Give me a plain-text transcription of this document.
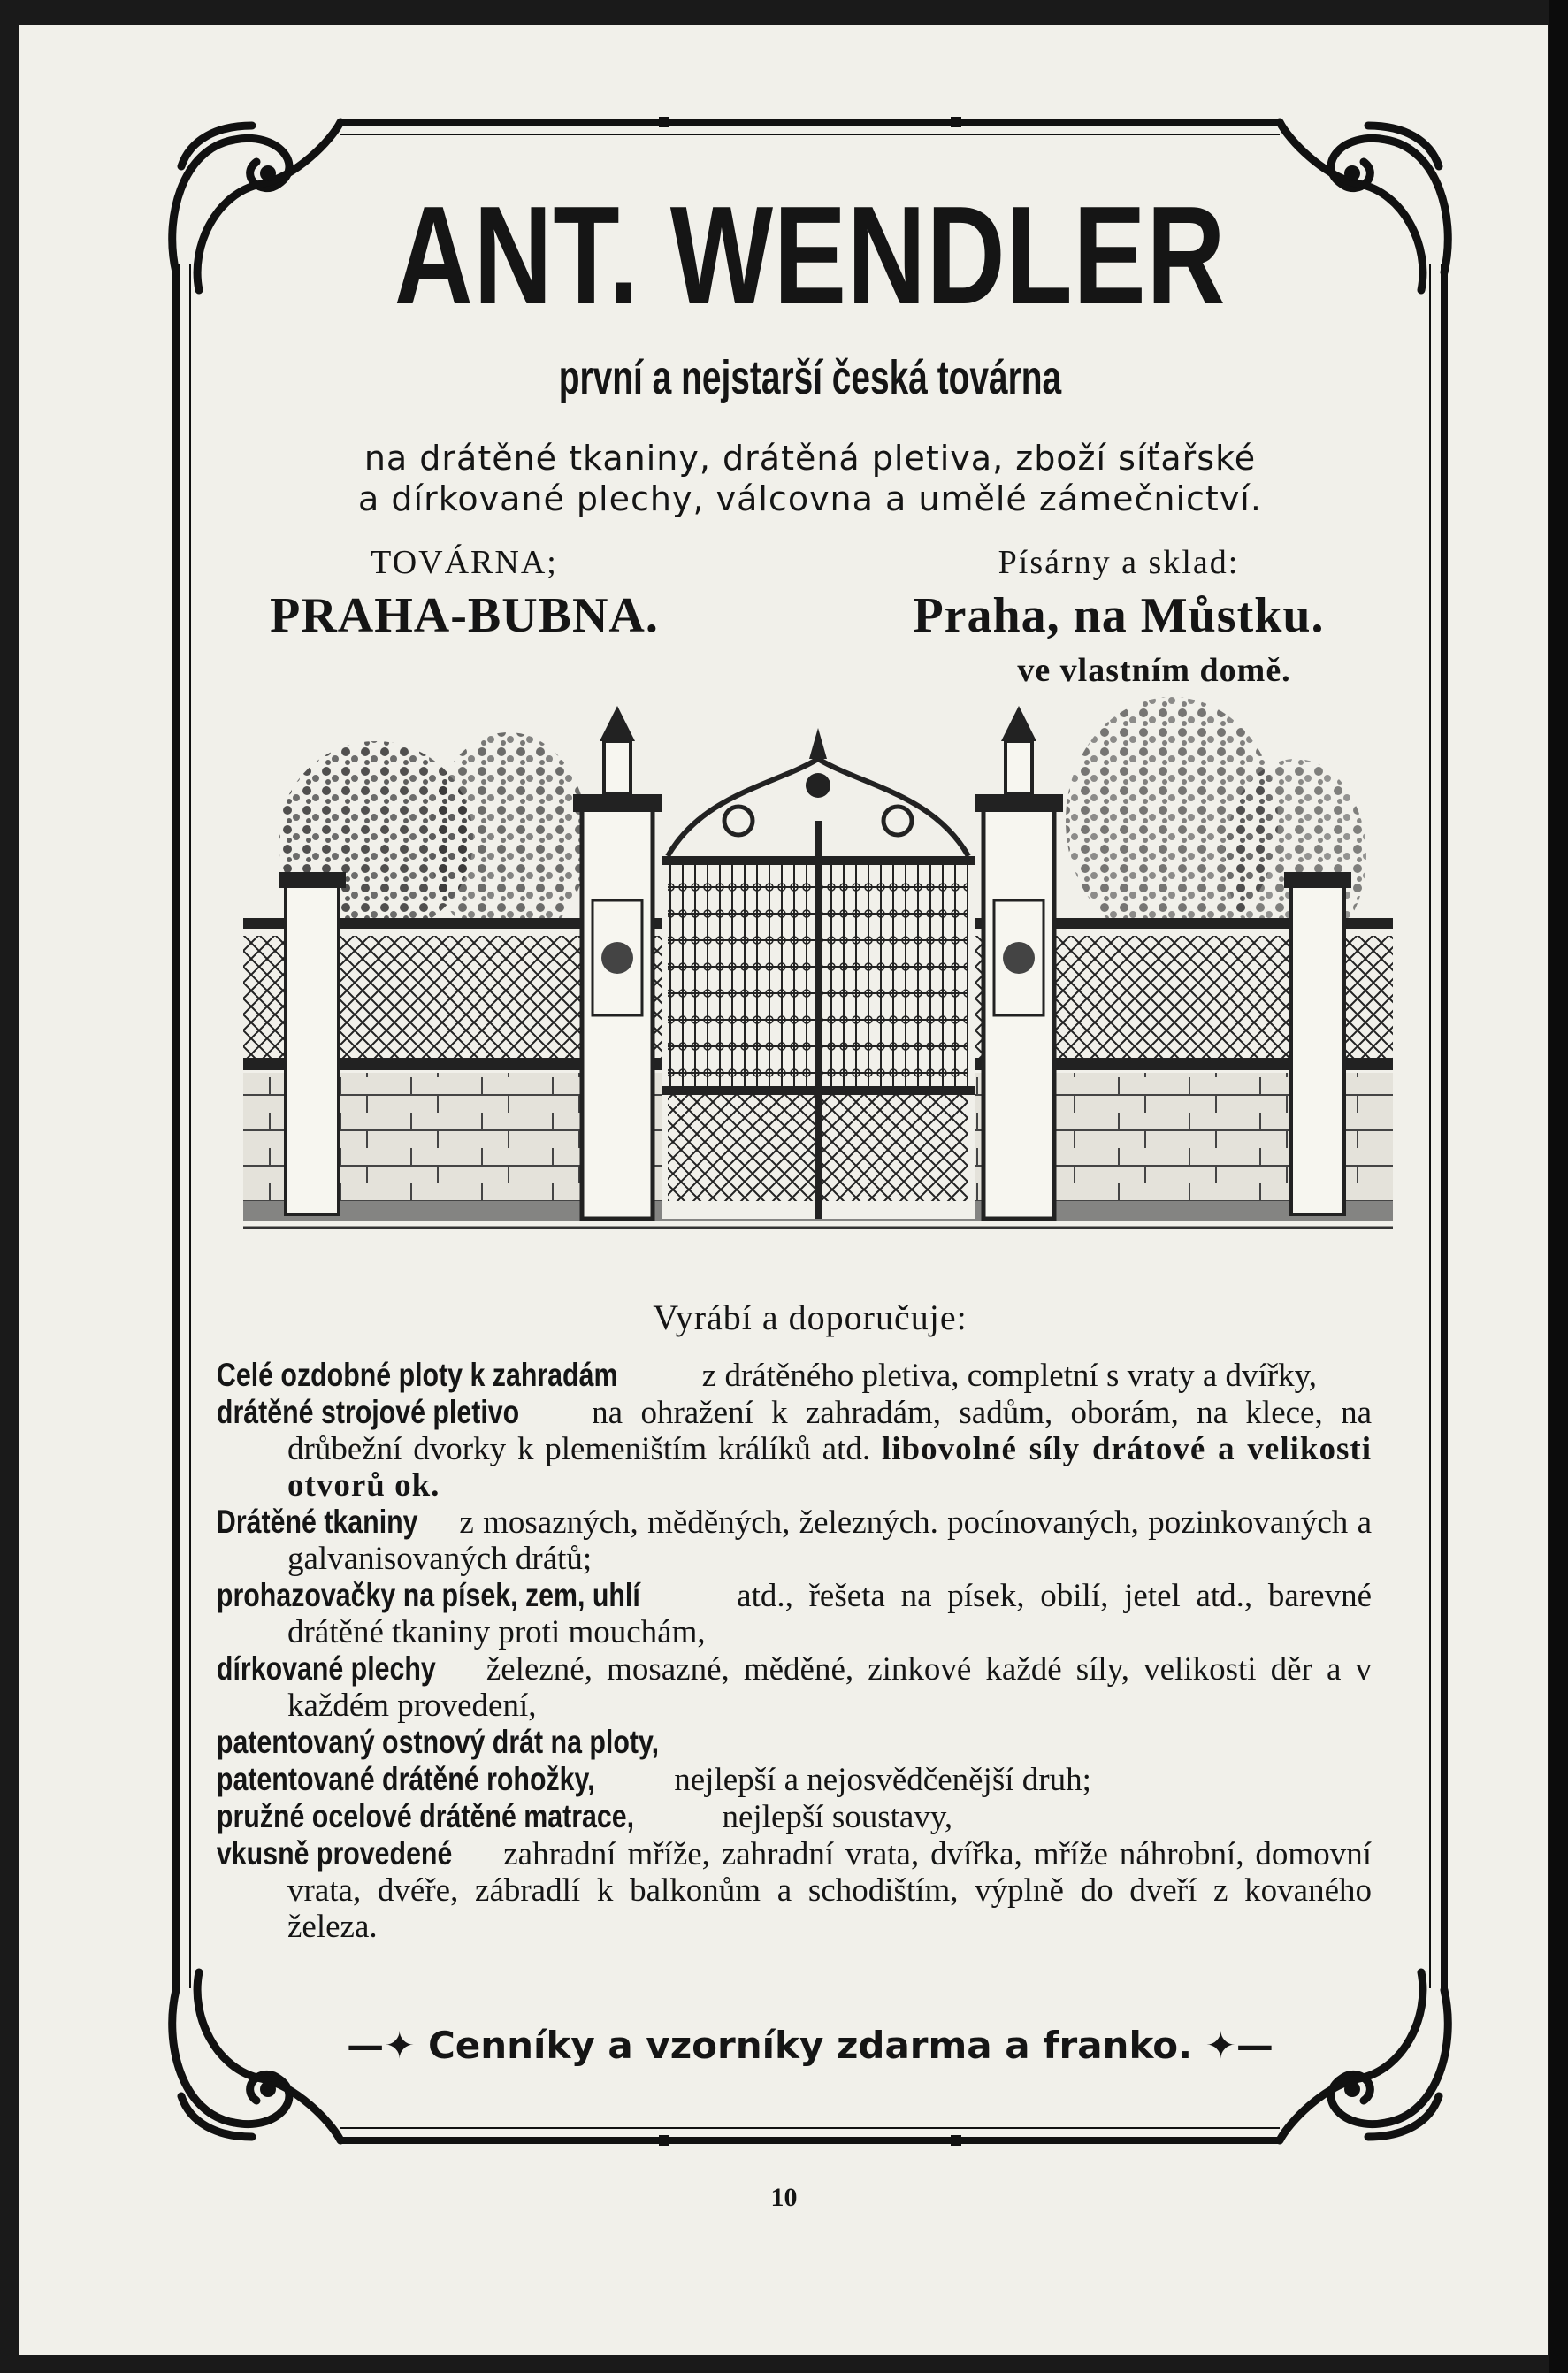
ANT. WENDLER
první a nejstarší česká továrna
na drátěné tkaniny, drátěná pletiva, zboží síťařské
a dírkované plechy, válcovna a umělé zámečnictví.
TOVÁRNA;
PRAHA-BUBNA.
Písárny a sklad:
Praha, na Můstku.
ve vlastním domě.
Vyrábí a doporučuje:
Celé ozdobné ploty k zahradám z drátěného pletiva, completní s vraty a dvířky,
drátěné strojové pletivo na ohražení k zahradám, sadům, oborám, na klece, na drůbežní dvorky k plemeništím králíků atd. libovolné síly drátové a velikosti otvorů ok.
Drátěné tkaniny z mosazných, měděných, železných. pocínovaných, pozinkovaných a galvanisovaných drátů;
prohazovačky na písek, zem, uhlí atd., řešeta na písek, obilí, jetel atd., barevné drátěné tkaniny proti mouchám,
dírkované plechy železné, mosazné, měděné, zinkové každé síly, velikosti děr a v každém provedení,
patentovaný ostnový drát na ploty,
patentované drátěné rohožky, nejlepší a nejosvědčenější druh;
pružné ocelové drátěné matrace, nejlepší soustavy,
vkusně provedené zahradní mříže, zahradní vrata, dvířka, mříže náhrobní, domovní vrata, dvéře, zábradlí k balkonům a schodištím, výplně do dveří z kovaného železa.
—✦ Cenníky a vzorníky zdarma a franko. ✦—
10
